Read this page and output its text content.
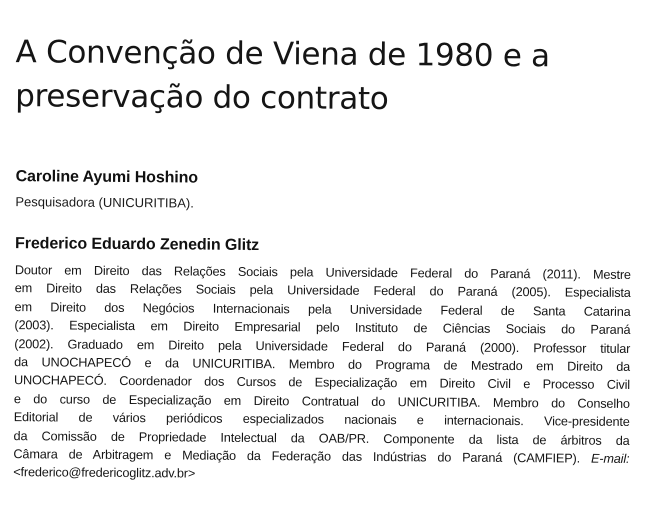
A Convenção de Viena de 1980 e a
preservação do contrato

Caroline Ayumi Hoshino

Pesquisadora (UNICURITIBA).

Frederico Eduardo Zenedin Glitz

Doutor em Direito das Relações Sociais pela Universidade Federal do Paraná (2011). Mestre
em Direito das Relações Sociais pela Universidade Federal do Paraná (2005). Especialista
em Direito dos Negócios Internacionais pela Universidade Federal de Santa Catarina
(2003). Especialista em Direito Empresarial pelo Instituto de Ciências Sociais do Paraná
(2002). Graduado em Direito pela Universidade Federal do Paraná (2000). Professor titular
da UNOCHAPECÓ e da UNICURITIBA. Membro do Programa de Mestrado em Direito da
UNOCHAPECÓ. Coordenador dos Cursos de Especialização em Direito Civil e Processo Civil
e do curso de Especialização em Direito Contratual do UNICURITIBA. Membro do Conselho
Editorial de vários periódicos especializados nacionais e internacionais. Vice-presidente
da Comissão de Propriedade Intelectual da OAB/PR. Componente da lista de árbitros da
Câmara de Arbitragem e Mediação da Federação das Indústrias do Paraná (CAMFIEP). E-mail:
<frederico@fredericoglitz.adv.br>
